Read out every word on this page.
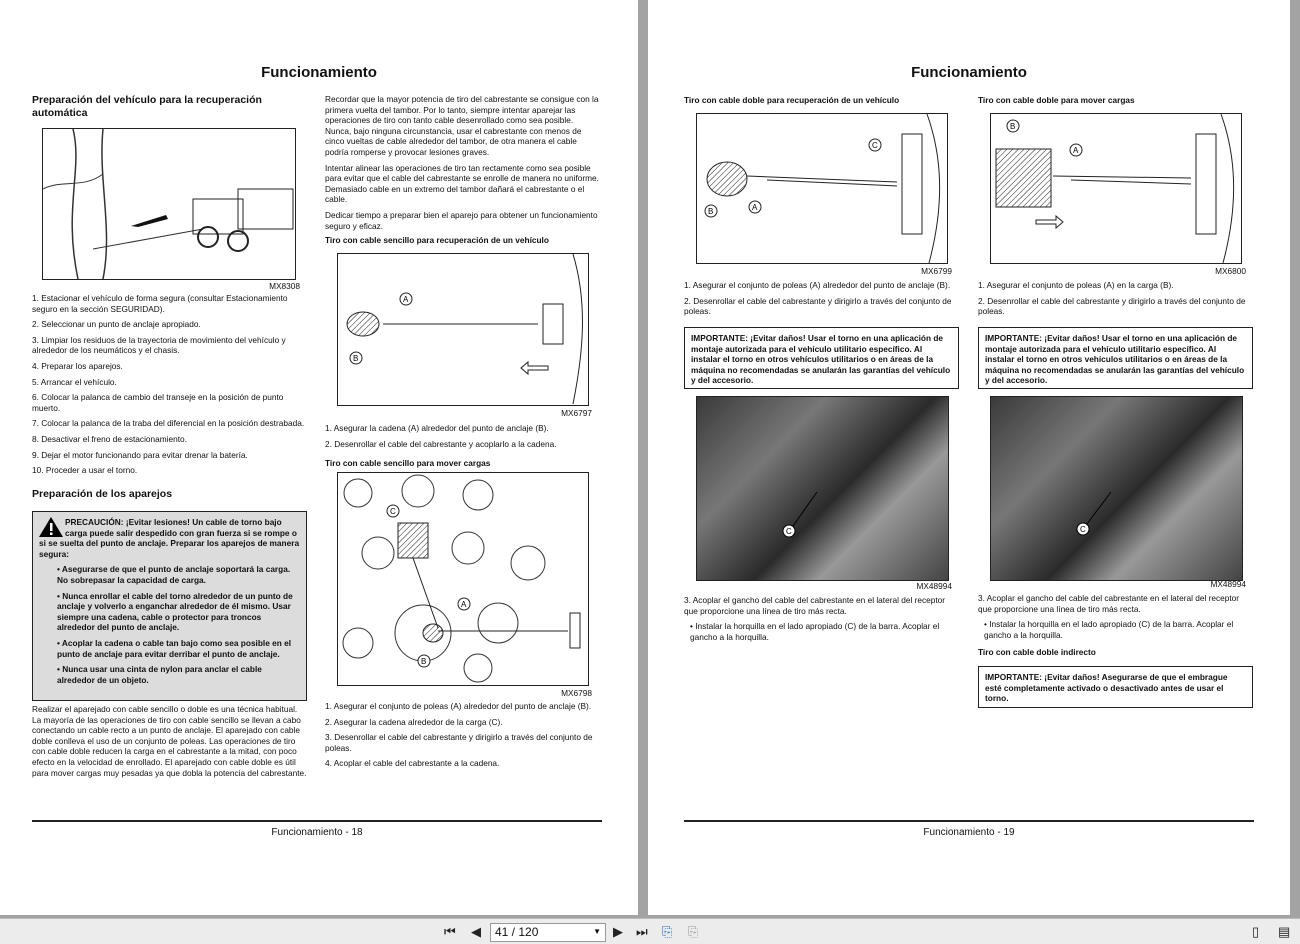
Funcionamiento
Preparación del vehículo para la recuperación automática
MX8308

1. Estacionar el vehículo de forma segura (consultar Estacionamiento seguro en la sección SEGURIDAD).

2. Seleccionar un punto de anclaje apropiado.

3. Limpiar los residuos de la trayectoria de movimiento del vehículo y alrededor de los neumáticos y el chasis.

4. Preparar los aparejos.

5. Arrancar el vehículo.

6. Colocar la palanca de cambio del transeje en la posición de punto muerto.

7. Colocar la palanca de la traba del diferencial en la posición destrabada.

8. Desactivar el freno de estacionamiento.

9. Dejar el motor funcionando para evitar drenar la batería.

10. Proceder a usar el torno.

Preparación de los aparejos

PRECAUCIÓN: ¡Evitar lesiones! Un cable de torno bajo carga puede salir despedido con gran fuerza si se rompe o si se suelta del punto de anclaje. Preparar los aparejos de manera segura:

• Asegurarse de que el punto de anclaje soportará la carga. No sobrepasar la capacidad de carga.

• Nunca enrollar el cable del torno alrededor de un punto de anclaje y volverlo a enganchar alrededor de él mismo. Usar siempre una cadena, cable o protector para troncos alrededor del punto de anclaje.

• Acoplar la cadena o cable tan bajo como sea posible en el punto de anclaje para evitar derribar el punto de anclaje.

• Nunca usar una cinta de nylon para anclar el cable alrededor de un objeto.

Realizar el aparejado con cable sencillo o doble es una técnica habitual. La mayoría de las operaciones de tiro con cable sencillo se llevan a cabo conectando un cable recto a un punto de anclaje. El aparejado con cable doble conlleva el uso de un conjunto de poleas. Las operaciones de tiro con cable doble reducen la carga en el cabrestante a la mitad, con poco efecto en la velocidad de enrollado. El aparejado con cable doble es útil para mover cargas muy pesadas ya que dobla la potencia del cabrestante.

Recordar que la mayor potencia de tiro del cabrestante se consigue con la primera vuelta del tambor. Por lo tanto, siempre intentar aparejar las operaciones de tiro con tanto cable desenrollado como sea posible. Nunca, bajo ninguna circunstancia, usar el cabrestante con menos de cinco vueltas de cable alrededor del tambor, de otra manera el cable podría romperse y provocar lesiones graves.

Intentar alinear las operaciones de tiro tan rectamente como sea posible para evitar que el cable del cabrestante se enrolle de manera no uniforme. Demasiado cable en un extremo del tambor dañará el cabrestante o el cable.

Dedicar tiempo a preparar bien el aparejo para obtener un funcionamiento seguro y eficaz.

Tiro con cable sencillo para recuperación de un vehículo
A
B
MX6797

1. Asegurar la cadena (A) alrededor del punto de anclaje (B).

2. Desenrollar el cable del cabrestante y acoplarlo a la cadena.

Tiro con cable sencillo para mover cargas
C
A
B
MX6798

1. Asegurar el conjunto de poleas (A) alrededor del punto de anclaje (B).

2. Asegurar la cadena alrededor de la carga (C).

3. Desenrollar el cable del cabrestante y dirigirlo a través del conjunto de poleas.

4. Acoplar el cable del cabrestante a la cadena.

Funcionamiento - 18
Funcionamiento
Tiro con cable doble para recuperación de un vehículo
C
A
B
MX6799

1. Asegurar el conjunto de poleas (A) alrededor del punto de anclaje (B).

2. Desenrollar el cable del cabrestante y dirigirlo a través del conjunto de poleas.

IMPORTANTE: ¡Evitar daños! Usar el torno en una aplicación de montaje autorizada para el vehículo utilitario específico. Al instalar el torno en otros vehículos utilitarios o en áreas de la máquina no recomendadas se anularán las garantías del vehículo y del accesorio.
C
MX48994

3. Acoplar el gancho del cable del cabrestante en el lateral del receptor que proporcione una línea de tiro más recta.

• Instalar la horquilla en el lado apropiado (C) de la barra. Acoplar el gancho a la horquilla.

Tiro con cable doble para mover cargas
B
A
MX6800

1. Asegurar el conjunto de poleas (A) en la carga (B).

2. Desenrollar el cable del cabrestante y dirigirlo a través del conjunto de poleas.

IMPORTANTE: ¡Evitar daños! Usar el torno en una aplicación de montaje autorizada para el vehículo utilitario específico. Al instalar el torno en otros vehículos utilitarios o en áreas de la máquina no recomendadas se anularán las garantías del vehículo y del accesorio.
C
MX48994

3. Acoplar el gancho del cable del cabrestante en el lateral del receptor que proporcione una línea de tiro más recta.

• Instalar la horquilla en el lado apropiado (C) de la barra. Acoplar el gancho a la horquilla.

Tiro con cable doble indirecto
IMPORTANTE: ¡Evitar daños! Asegurarse de que el embrague esté completamente activado o desactivado antes de usar el torno.
Funcionamiento - 19
⏮ ◀	41 / 120	▼ ▶ ⏭ ⎘ ⎘	▯ ▤
